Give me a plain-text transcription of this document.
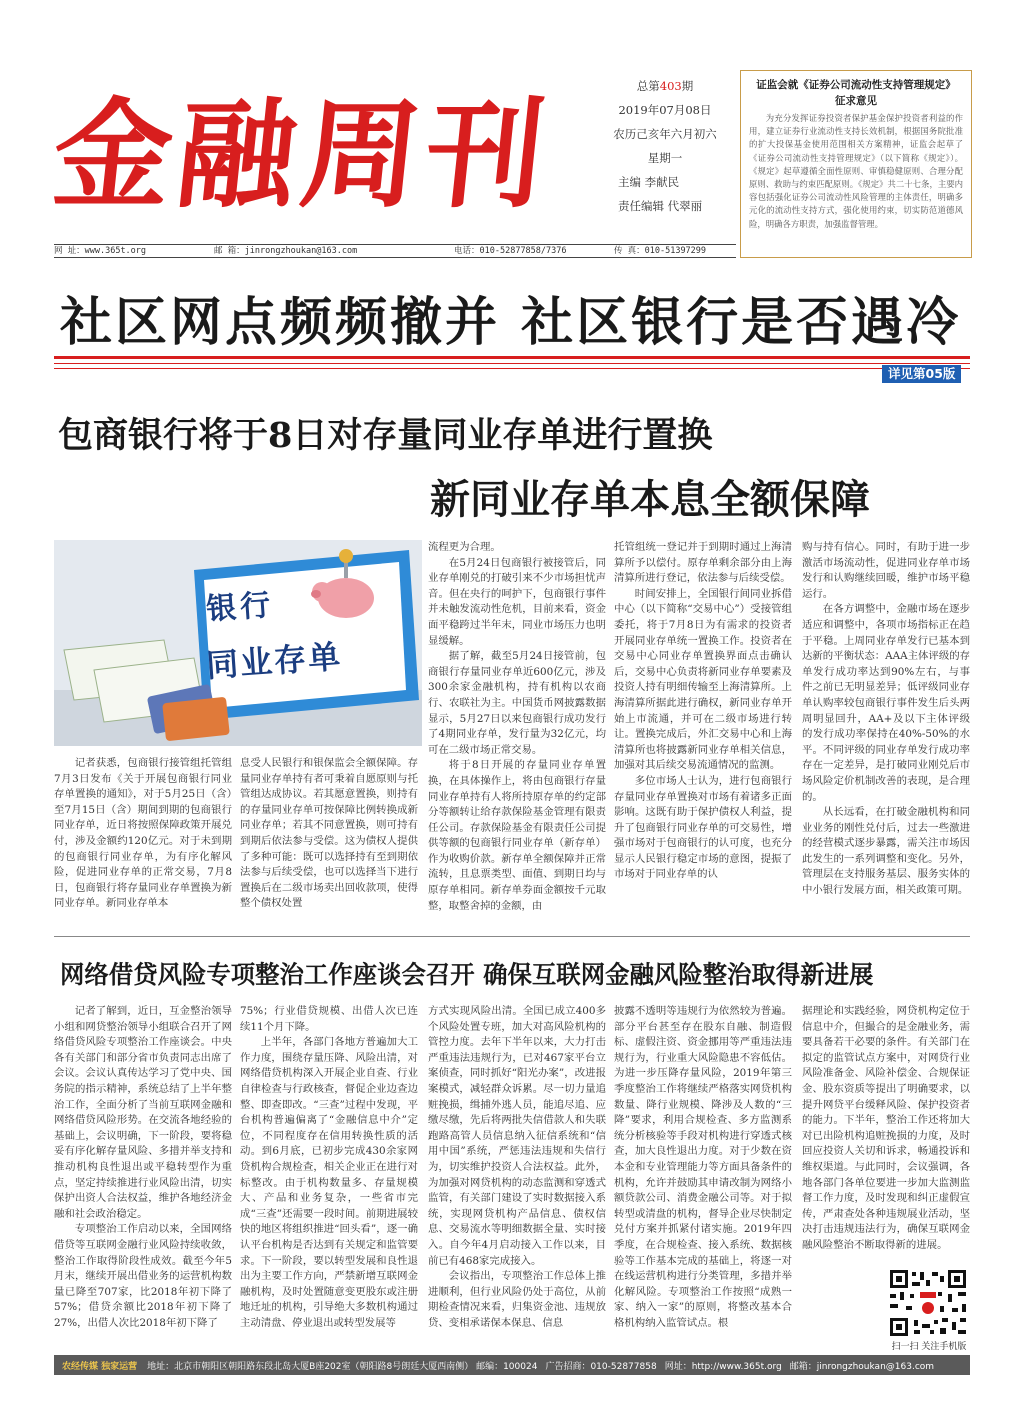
金融周刊	总第403期
2019年07月08日
农历己亥年六月初六
星期一
主编 李献民
责任编辑 代翠丽
证监会就《证券公司流动性支持管理规定》
征求意见
为充分发挥证券投资者保护基金保护投资者利益的作用，建立证券行业流动性支持长效机制，根据国务院批准的扩大投保基金使用范围相关方案精神，证监会起草了《证券公司流动性支持管理规定》（以下简称《规定》）。《规定》起草遵循全面性原则、审慎稳健原则、合理分配原则、救助与约束匹配原则。《规定》共二十七条，主要内容包括强化证券公司流动性风险管理的主体责任，明确多元化的流动性支持方式，强化使用约束，切实防范道德风险，明确各方职责，加强监督管理。
网 址：www.365t.org	邮 箱：jinrongzhoukan@163.com	电话：010-52877858/7376	传 真：010-51397299
社区网点频频撤并 社区银行是否遇冷
详见第05版
包商银行将于8日对存量同业存单进行置换
新同业存单本息全额保障
银行
同业存单

记者获悉，包商银行接管组托管组7月3日发布《关于开展包商银行同业存单置换的通知》，对于5月25日（含）至7月15日（含）期间到期的包商银行同业存单，近日将按照保障政策开展兑付，涉及金额约120亿元。对于未到期的包商银行同业存单，为有序化解风险，促进同业存单的正常交易，7月8日，包商银行将存量同业存单置换为新同业存单。新同业存单本

息受人民银行和银保监会全额保障。存量同业存单持有者可秉着自愿原则与托管组达成协议。若其愿意置换，则持有的存量同业存单可按保障比例转换成新同业存单；若其不同意置换，则可持有到期后依法参与受偿。这为债权人提供了多种可能：既可以选择持有至到期依法参与后续受偿，也可以选择当下进行置换后在二级市场卖出回收款项，使得整个债权处置

流程更为合理。

在5月24日包商银行被接管后，同业存单刚兑的打破引来不少市场担忧声音。但在央行的呵护下，包商银行事件并未触发流动性危机，目前来看，资金面平稳跨过半年末，同业市场压力也明显缓解。

据了解，截至5月24日接管前，包商银行存量同业存单近600亿元，涉及300余家金融机构，持有机构以农商行、农联社为主。中国货币网披露数据显示，5月27日以来包商银行成功发行了4期同业存单，发行量为32亿元，均可在二级市场正常交易。

将于8日开展的存量同业存单置换，在具体操作上，将由包商银行存量同业存单持有人将所持原存单的约定部分等额转让给存款保险基金管理有限责任公司。存款保险基金有限责任公司提供等额的包商银行同业存单（新存单）作为收购价款。新存单全额保障并正常流转，且息票类型、面值、到期日均与原存单相同。新存单券面金额按千元取整，取整舍掉的金额，由

托管组统一登记并于到期时通过上海清算所予以偿付。原存单剩余部分由上海清算所进行登记，依法参与后续受偿。

时间安排上，全国银行间同业拆借中心（以下简称“交易中心”）受接管组委托，将于7月8日为有需求的投资者开展同业存单统一置换工作。投资者在交易中心同业存单置换界面点击确认后，交易中心负责将新同业存单要素及投资人持有明细传输至上海清算所。上海清算所据此进行确权，新同业存单开始上市流通，并可在二级市场进行转让。置换完成后，外汇交易中心和上海清算所也将披露新同业存单相关信息，加强对其后续交易流通情况的监测。

多位市场人士认为，进行包商银行存量同业存单置换对市场有着诸多正面影响。这既有助于保护债权人利益，提升了包商银行同业存单的可交易性，增强市场对于包商银行的认可度，也充分显示人民银行稳定市场的意图，提振了市场对于同业存单的认

购与持有信心。同时，有助于进一步激活市场流动性，促进同业存单市场发行和认购继续回暖，维护市场平稳运行。

在各方调整中，金融市场在逐步适应和调整中，各项市场指标正在趋于平稳。上周同业存单发行已基本到达新的平衡状态：AAA主体评级的存单发行成功率达到90%左右，与事件之前已无明显差异；低评级同业存单认购率较包商银行事件发生后头两周明显回升，AA+及以下主体评级的发行成功率保持在40%-50%的水平。不同评级的同业存单发行成功率存在一定差异，是打破同业刚兑后市场风险定价机制改善的表现，是合理的。

从长远看，在打破金融机构和同业业务的刚性兑付后，过去一些激进的经营模式逐步暴露，需关注市场因此发生的一系列调整和变化。另外，管理层在支持服务基层、服务实体的中小银行发展方面，相关政策可期。

网络借贷风险专项整治工作座谈会召开 确保互联网金融风险整治取得新进展

记者了解到，近日，互金整治领导小组和网贷整治领导小组联合召开了网络借贷风险专项整治工作座谈会。中央各有关部门和部分省市负责同志出席了会议。会议认真传达学习了党中央、国务院的指示精神，系统总结了上半年整治工作，全面分析了当前互联网金融和网络借贷风险形势。在交流各地经验的基础上，会议明确，下一阶段，要将稳妥有序化解存量风险、多措并举支持和推动机构良性退出或平稳转型作为重点，坚定持续推进行业风险出清，切实保护出资人合法权益，维护各地经济金融和社会政治稳定。

专项整治工作启动以来，全国网络借贷等互联网金融行业风险持续收敛，整治工作取得阶段性成效。截至今年5月末，继续开展出借业务的运营机构数量已降至707家，比2018年初下降了57%；借贷余额比2018年初下降了27%，出借人次比2018年初下降了

75%；行业借贷规模、出借人次已连续11个月下降。

上半年，各部门各地方普遍加大工作力度，围绕存量压降、风险出清，对网络借贷机构深入开展企业自查、行业自律检查与行政核查，督促企业边查边整、即查即改。“三查”过程中发现，平台机构普遍偏离了“金融信息中介”定位，不同程度存在信用转换性质的活动。到6月底，已初步完成430余家网贷机构合规检查，相关企业正在进行对标整改。由于机构数量多、存量规模大、产品和业务复杂，一些省市完成“三查”还需要一段时间。前期进展较快的地区将组织推进“回头看”，逐一确认平台机构是否达到有关规定和监管要求。下一阶段，要以转型发展和良性退出为主要工作方向，严禁新增互联网金融机构，及时处置随意变更股东或注册地迁址的机构，引导绝大多数机构通过主动清盘、停业退出或转型发展等

方式实现风险出清。全国已成立400多个风险处置专班，加大对高风险机构的管控力度。去年下半年以来，大力打击严重违法违规行为，已对467家平台立案侦查，同时抓好“阳光办案”，改进报案模式，减轻群众诉累。尽一切力量追赃挽损，缉捕外逃人员，能追尽追、应缴尽缴，先后将两批失信借款人和失联跑路高管人员信息纳入征信系统和“信用中国”系统，严惩违法违规和失信行为，切实维护投资人合法权益。此外，为加强对网贷机构的动态监测和穿透式监管，有关部门建设了实时数据接入系统，实现网贷机构产品信息、债权信息、交易流水等明细数据全量、实时接入。自今年4月启动接入工作以来，目前已有468家完成接入。

会议指出，专项整治工作总体上推进顺利，但行业风险仍处于高位，从前期检查情况来看，归集资金池、违规放贷、变相承诺保本保息、信息

披露不透明等违规行为依然较为普遍。部分平台甚至存在股东自融、制造假标、虚假注资、资金挪用等严重违法违规行为，行业重大风险隐患不容低估。为进一步压降存量风险，2019年第三季度整治工作将继续严格落实网贷机构数量、降行业规模、降涉及人数的“三降”要求，利用合规检查、多方监测系统分析核验等手段对机构进行穿透式核查，加大良性退出力度。对于少数在资本金和专业管理能力等方面具备条件的机构，允许并鼓励其申请改制为网络小额贷款公司、消费金融公司等。对于拟转型或清盘的机构，督导企业尽快制定兑付方案并抓紧付诸实施。2019年四季度，在合规检查、接入系统、数据核验等工作基本完成的基础上，将逐一对在线运营机构进行分类管理，多措并举化解风险。专项整治工作按照“成熟一家、纳入一家”的原则，将整改基本合格机构纳入监管试点。根

据理论和实践经验，网贷机构定位于信息中介，但撮合的是金融业务，需要具备若干必要的条件。有关部门在拟定的监管试点方案中，对网贷行业风险准备金、风险补偿金、合规保证金、股东资质等提出了明确要求，以提升网贷平台缓释风险、保护投资者的能力。下半年，整治工作还将加大对已出险机构追赃挽损的力度，及时回应投资人关切和诉求，畅通投诉和维权渠道。与此同时，会议强调，各地各部门各单位要进一步加大监测监督工作力度，及时发现和纠正虚假宣传，严肃查处各种违规展业活动，坚决打击违规违法行为，确保互联网金融风险整治不断取得新的进展。

扫一扫 关注手机版
农经传媒 独家运营	地址：北京市朝阳区朝阳路东段北岛大厦B座202室（朝阳路8号朗廷大厦西南侧） 邮编：100024 广告招商：010-52877858 网址：http://www.365t.org 邮箱：jinrongzhoukan@163.com
